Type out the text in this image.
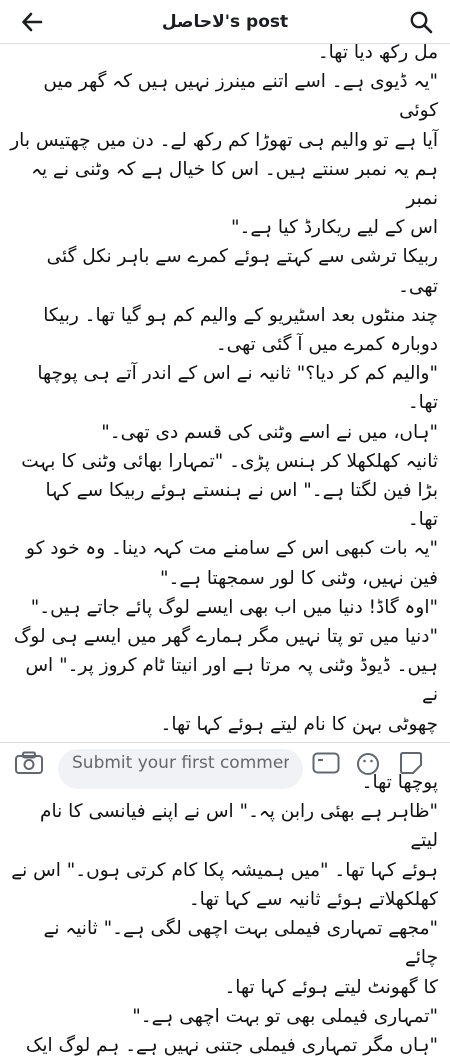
لاحاصل's post

مل رکھ دیا تھا۔

"یہ ڈیوی ہے۔ اسے اتنے مینرز نہیں ہیں کہ گھر میں کوئی

آیا ہے تو والیم ہی تھوڑا کم رکھ لے۔ دن میں چھتیس بار

ہم یہ نمبر سنتے ہیں۔ اس کا خیال ہے کہ وٹنی نے یہ نمبر

اس کے لیے ریکارڈ کیا ہے۔"

ربیکا ترشی سے کہتے ہوئے کمرے سے باہر نکل گئی تھی۔

چند منٹوں بعد اسٹیریو کے والیم کم ہو گیا تھا۔ ربیکا

دوبارہ کمرے میں آ گئی تھی۔

"والیم کم کر دیا؟" ثانیہ نے اس کے اندر آتے ہی پوچھا تھا۔

"ہاں، میں نے اسے وٹنی کی قسم دی تھی۔"

ثانیہ کھلکھلا کر ہنس پڑی۔ "تمہارا بھائی وٹنی کا بہت

بڑا فین لگتا ہے۔" اس نے ہنستے ہوئے ربیکا سے کہا تھا۔

"یہ بات کبھی اس کے سامنے مت کہہ دینا۔ وہ خود کو

فین نہیں، وٹنی کا لور سمجھتا ہے۔"

"اوہ گاڈ! دنیا میں اب بھی ایسے لوگ پائے جاتے ہیں۔"

"دنیا میں تو پتا نہیں مگر ہمارے گھر میں ایسے ہی لوگ

ہیں۔ ڈیوڈ وٹنی پہ مرتا ہے اور انیتا ٹام کروز پر۔" اس نے

چھوٹی بہن کا نام لیتے ہوئے کہا تھا۔

پوچھا تھا۔

"ظاہر ہے بھئی رابن پہ۔" اس نے اپنے فیانسی کا نام لیتے

ہوئے کہا تھا۔ "میں ہمیشہ پکا کام کرتی ہوں۔" اس نے

کھلکھلاتے ہوئے ثانیہ سے کہا تھا۔

"مجھے تمہاری فیملی بہت اچھی لگی ہے۔" ثانیہ نے چائے

کا گھونٹ لیتے ہوئے کہا تھا۔

"تمہاری فیملی بھی تو بہت اچھی ہے۔"

"ہاں مگر تمہاری فیملی جتنی نہیں ہے۔ ہم لوگ ایک

Submit your first comment...
